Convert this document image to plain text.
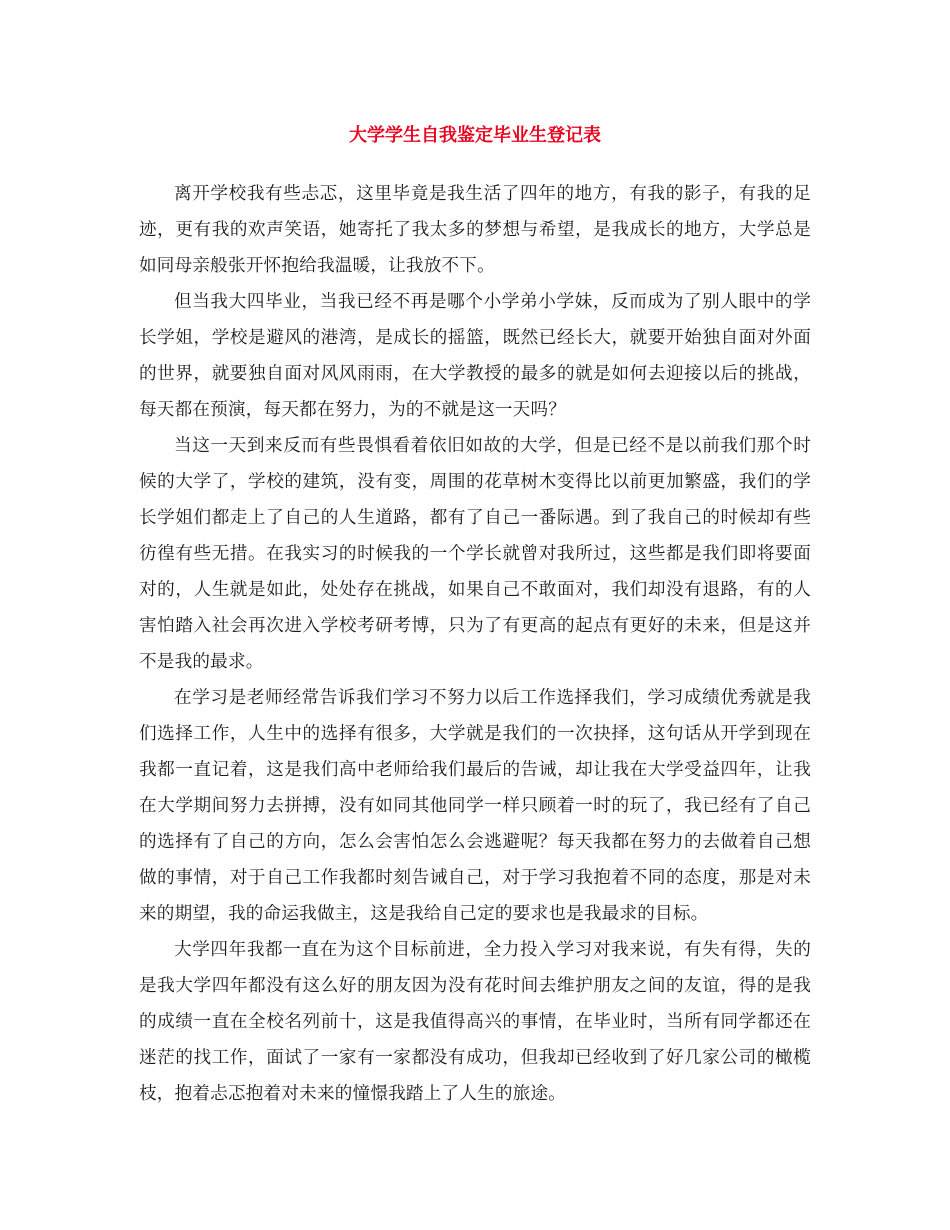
大学学生自我鉴定毕业生登记表

离开学校我有些忐忑，这里毕竟是我生活了四年的地方，有我的影子，有我的足迹，更有我的欢声笑语，她寄托了我太多的梦想与希望，是我成长的地方，大学总是如同母亲般张开怀抱给我温暖，让我放不下。

但当我大四毕业，当我已经不再是哪个小学弟小学妹，反而成为了别人眼中的学长学姐，学校是避风的港湾，是成长的摇篮，既然已经长大，就要开始独自面对外面的世界，就要独自面对风风雨雨，在大学教授的最多的就是如何去迎接以后的挑战，每天都在预演，每天都在努力，为的不就是这一天吗？

当这一天到来反而有些畏惧看着依旧如故的大学，但是已经不是以前我们那个时候的大学了，学校的建筑，没有变，周围的花草树木变得比以前更加繁盛，我们的学长学姐们都走上了自己的人生道路，都有了自己一番际遇。到了我自己的时候却有些彷徨有些无措。在我实习的时候我的一个学长就曾对我所过，这些都是我们即将要面对的，人生就是如此，处处存在挑战，如果自己不敢面对，我们却没有退路，有的人害怕踏入社会再次进入学校考研考博，只为了有更高的起点有更好的未来，但是这并不是我的最求。

在学习是老师经常告诉我们学习不努力以后工作选择我们，学习成绩优秀就是我们选择工作，人生中的选择有很多，大学就是我们的一次抉择，这句话从开学到现在我都一直记着，这是我们高中老师给我们最后的告诫，却让我在大学受益四年，让我在大学期间努力去拼搏，没有如同其他同学一样只顾着一时的玩了，我已经有了自己的选择有了自己的方向，怎么会害怕怎么会逃避呢？每天我都在努力的去做着自己想做的事情，对于自己工作我都时刻告诫自己，对于学习我抱着不同的态度，那是对未来的期望，我的命运我做主，这是我给自己定的要求也是我最求的目标。

大学四年我都一直在为这个目标前进，全力投入学习对我来说，有失有得，失的是我大学四年都没有这么好的朋友因为没有花时间去维护朋友之间的友谊，得的是我的成绩一直在全校名列前十，这是我值得高兴的事情，在毕业时，当所有同学都还在迷茫的找工作，面试了一家有一家都没有成功，但我却已经收到了好几家公司的橄榄枝，抱着忐忑抱着对未来的憧憬我踏上了人生的旅途。
